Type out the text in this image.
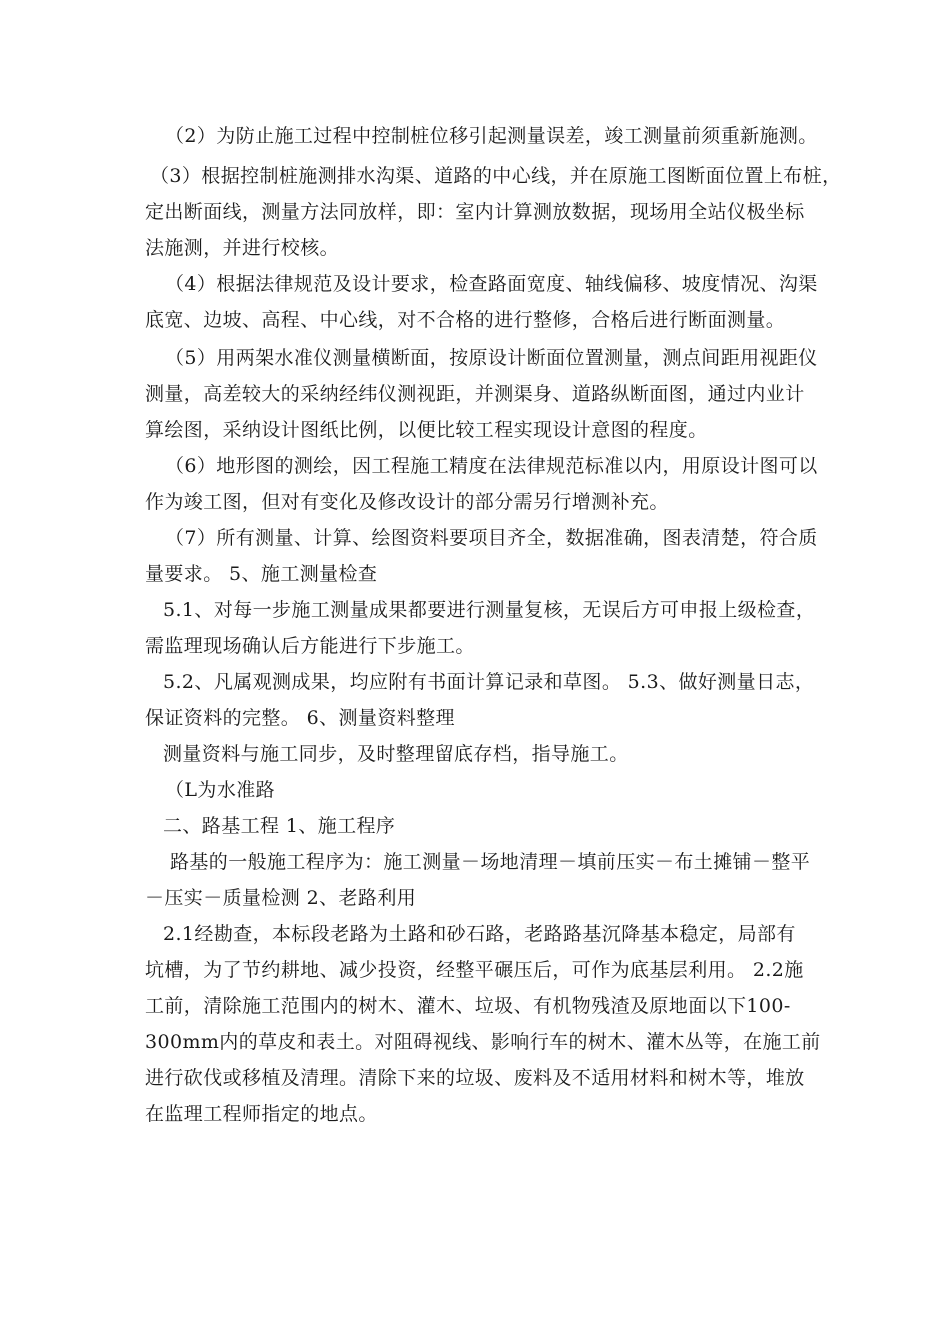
（2）为防止施工过程中控制桩位移引起测量误差，竣工测量前须重新施测。
（3）根据控制桩施测排水沟渠、道路的中心线，并在原施工图断面位置上布桩，
定出断面线，测量方法同放样，即：室内计算测放数据，现场用全站仪极坐标
法施测，并进行校核。
（4）根据法律规范及设计要求，检查路面宽度、轴线偏移、坡度情况、沟渠
底宽、边坡、高程、中心线，对不合格的进行整修，合格后进行断面测量。
（5）用两架水准仪测量横断面，按原设计断面位置测量，测点间距用视距仪
测量，高差较大的采纳经纬仪测视距，并测渠身、道路纵断面图，通过内业计
算绘图，采纳设计图纸比例，以便比较工程实现设计意图的程度。
（6）地形图的测绘，因工程施工精度在法律规范标准以内，用原设计图可以
作为竣工图，但对有变化及修改设计的部分需另行增测补充。
（7）所有测量、计算、绘图资料要项目齐全，数据准确，图表清楚，符合质
量要求。 5、施工测量检查
5.1、对每一步施工测量成果都要进行测量复核，无误后方可申报上级检查，
需监理现场确认后方能进行下步施工。
5.2、凡属观测成果，均应附有书面计算记录和草图。 5.3、做好测量日志，
保证资料的完整。 6、测量资料整理
测量资料与施工同步，及时整理留底存档，指导施工。
（L为水准路
二、路基工程 1、施工程序
路基的一般施工程序为：施工测量－场地清理－填前压实－布土摊铺－整平
－压实－质量检测 2、老路利用
2.1经勘查，本标段老路为土路和砂石路，老路路基沉降基本稳定，局部有
坑槽，为了节约耕地、减少投资，经整平碾压后，可作为底基层利用。 2.2施
工前，清除施工范围内的树木、灌木、垃圾、有机物残渣及原地面以下100-
300mm内的草皮和表土。对阻碍视线、影响行车的树木、灌木丛等，在施工前
进行砍伐或移植及清理。清除下来的垃圾、废料及不适用材料和树木等，堆放
在监理工程师指定的地点。
